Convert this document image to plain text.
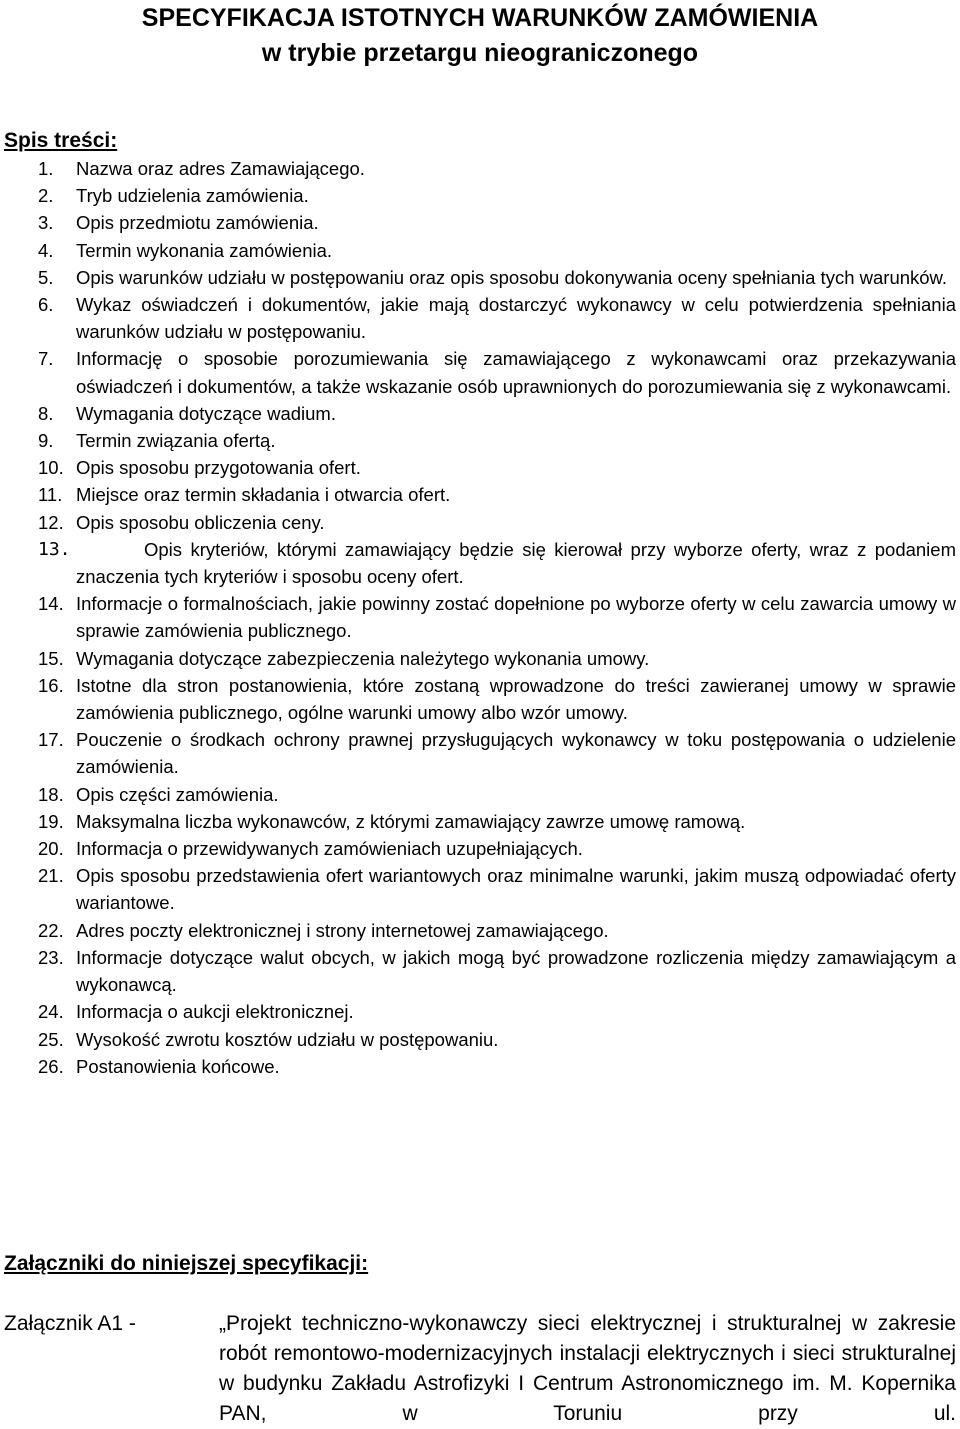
SPECYFIKACJA ISTOTNYCH WARUNKÓW ZAMÓWIENIA
w trybie przetargu nieograniczonego
Spis treści:
1. Nazwa oraz adres Zamawiającego.
2. Tryb udzielenia zamówienia.
3. Opis przedmiotu zamówienia.
4. Termin wykonania zamówienia.
5. Opis warunków udziału w postępowaniu oraz opis sposobu dokonywania oceny spełniania tych warunków.
6. Wykaz oświadczeń i dokumentów, jakie mają dostarczyć wykonawcy w celu potwierdzenia spełniania warunków udziału w postępowaniu.
7. Informację o sposobie porozumiewania się zamawiającego z wykonawcami oraz przekazywania oświadczeń i dokumentów, a także wskazanie osób uprawnionych do porozumiewania się z wykonawcami.
8. Wymagania dotyczące wadium.
9. Termin związania ofertą.
10. Opis sposobu przygotowania ofert.
11. Miejsce oraz termin składania i otwarcia ofert.
12. Opis sposobu obliczenia ceny.
13.	Opis kryteriów, którymi zamawiający będzie się kierował przy wyborze oferty, wraz z podaniem znaczenia tych kryteriów i sposobu oceny ofert.
14. Informacje o formalnościach, jakie powinny zostać dopełnione po wyborze oferty w celu zawarcia umowy w sprawie zamówienia publicznego.
15. Wymagania dotyczące zabezpieczenia należytego wykonania umowy.
16. Istotne dla stron postanowienia, które zostaną wprowadzone do treści zawieranej umowy w sprawie zamówienia publicznego, ogólne warunki umowy albo wzór umowy.
17. Pouczenie o środkach ochrony prawnej przysługujących wykonawcy w toku postępowania o udzielenie zamówienia.
18. Opis części zamówienia.
19. Maksymalna liczba wykonawców, z którymi zamawiający zawrze umowę ramową.
20. Informacja o przewidywanych zamówieniach uzupełniających.
21. Opis sposobu przedstawienia ofert wariantowych oraz minimalne warunki, jakim muszą odpowiadać oferty wariantowe.
22. Adres poczty elektronicznej i strony internetowej zamawiającego.
23. Informacje dotyczące walut obcych, w jakich mogą być prowadzone rozliczenia między zamawiającym a wykonawcą.
24. Informacja o aukcji elektronicznej.
25. Wysokość zwrotu kosztów udziału w postępowaniu.
26. Postanowienia końcowe.
Załączniki do niniejszej specyfikacji:
Załącznik A1 -	„Projekt techniczno-wykonawczy sieci elektrycznej i strukturalnej w zakresie robót remontowo-modernizacyjnych instalacji elektrycznych i sieci strukturalnej w budynku Zakładu Astrofizyki I Centrum Astronomicznego im. M. Kopernika PAN, w Toruniu przy ul.
